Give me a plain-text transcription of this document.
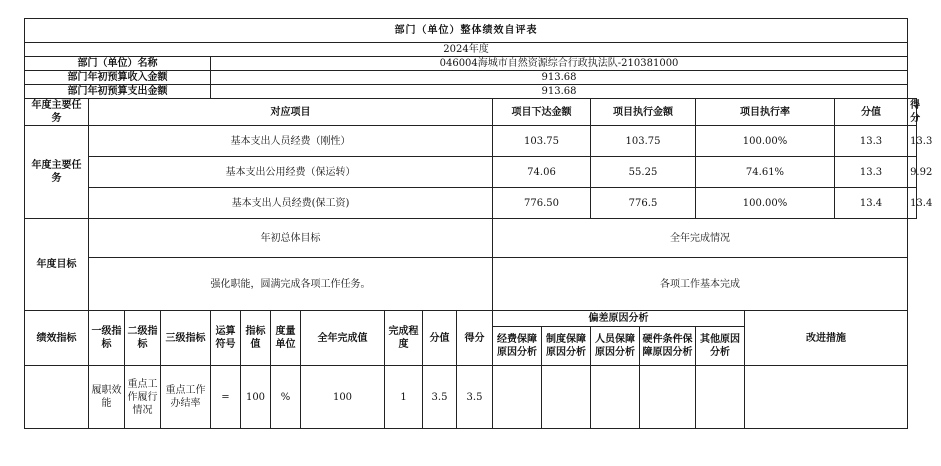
部门（单位）整体绩效自评表																		
2024年度																		
部门（单位）名称				046004海城市自然资源综合行政执法队-210381000														
部门年初预算收入金额				913.68														
部门年初预算支出金额				913.68														
年度主要任务	对应项目										项目下达金额		项目执行金额		项目执行率		分值	得分
年度主要任务	基本支出人员经费（刚性）										103.75		103.75		100.00%		13.3	13.3
	基本支出公用经费（保运转）										74.06		55.25		74.61%		13.3	9.92
	基本支出人员经费(保工资)										776.50		776.5		100.00%		13.4	13.4
年度目标	年初总体目标										全年完成情况							
	强化职能，圆满完成各项工作任务。										各项工作基本完成							
绩效指标	一级指标	二级指标	三级指标	运算符号	指标值	度量单位	全年完成值	完成程度	分值	得分	偏差原因分析					改进措施		
											经费保障原因分析	制度保障原因分析	人员保障原因分析	硬件条件保障原因分析	其他原因分析			
	履职效能	重点工作履行情况	重点工作办结率	=	100	%	100	1	3.5	3.5								
